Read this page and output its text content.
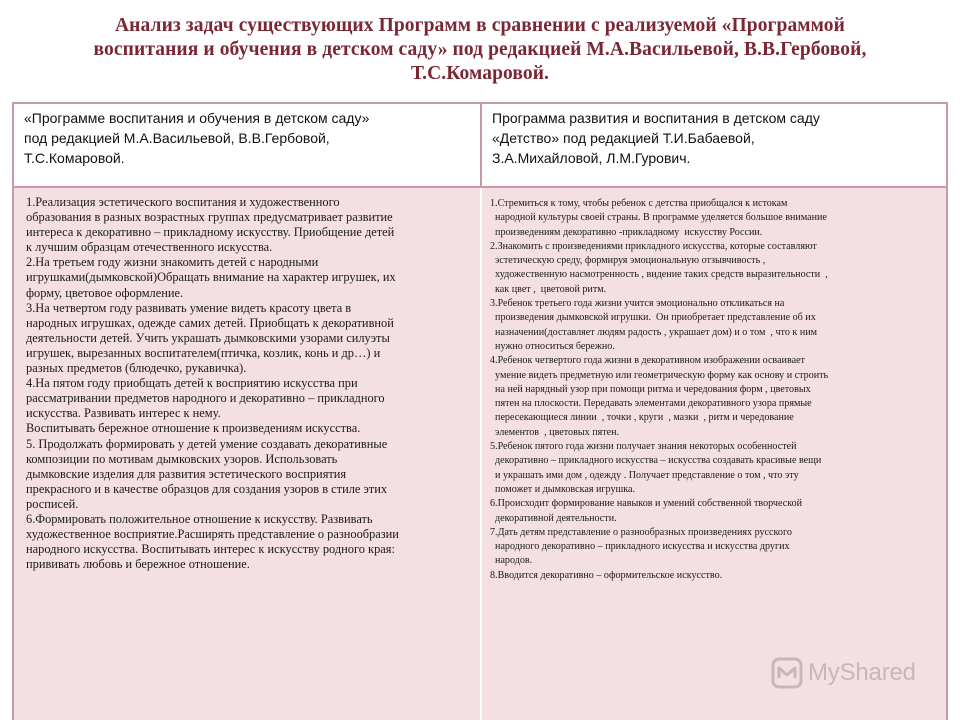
Анализ задач существующих Программ в сравнении с реализуемой «Программой
воспитания и обучения в детском саду» под редакцией М.А.Васильевой, В.В.Гербовой,
Т.С.Комаровой.
«Программе воспитания и обучения в детском саду»
под редакцией М.А.Васильевой, В.В.Гербовой,
Т.С.Комаровой.
Программа развития и воспитания в детском саду
«Детство» под редакцией Т.И.Бабаевой,
З.А.Михайловой, Л.М.Гурович.
1.Реализация эстетического воспитания и художественного
образования в разных возрастных группах предусматривает развитие
интереса к декоративно – прикладному искусству. Приобщение детей
к лучшим образцам отечественного искусства.
2.На третьем году жизни знакомить детей с народными
игрушками(дымковской)Обращать внимание на характер игрушек, их
форму, цветовое оформление.
3.На четвертом году развивать умение видеть красоту цвета в
народных игрушках, одежде самих детей. Приобщать к декоративной
деятельности детей. Учить украшать дымковскими узорами силуэты
игрушек, вырезанных воспитателем(птичка, козлик, конь и др…) и
разных предметов (блюдечко, рукавичка).
4.На пятом году приобщать детей к восприятию искусства при
рассматривании предметов народного и декоративно – прикладного
искусства. Развивать интерес к нему.
Воспитывать бережное отношение к произведениям искусства.
5. Продолжать формировать у детей умение создавать декоративные
композиции по мотивам дымковских узоров. Использовать
дымковские изделия для развития эстетического восприятия
прекрасного и в качестве образцов для создания узоров в стиле этих
росписей.
6.Формировать положительное отношение к искусству. Развивать
художественное восприятие.Расширять представление о разнообразии
народного искусства. Воспитывать интерес к искусству родного края:
прививать любовь и бережное отношение.
1.Стремиться к тому, чтобы ребенок с детства приобщался к истокам
народной культуры своей страны. В программе уделяется большое внимание
произведениям декоративно -прикладному  искусству России.
2.Знакомить с произведениями прикладного искусства, которые составляют
эстетическую среду, формируя эмоциональную отзывчивость ,
художественную насмотренность , видение таких средств выразительности  ,
как цвет ,  цветовой ритм.
3.Ребенок третьего года жизни учится эмоционально откликаться на
произведения дымковской игрушки.  Он приобретает представление об их
назначении(доставляет людям радость , украшает дом) и о том  , что к ним
нужно относиться бережно.
4.Ребенок четвертого года жизни в декоративном изображении осваивает
умение видеть предметную или геометрическую форму как основу и строить
на ней нарядный узор при помощи ритма и чередования форм , цветовых
пятен на плоскости. Передавать элементами декоративного узора прямые
пересекающиеся линии  , точки , круги  , мазки  , ритм и чередование
элементов  , цветовых пятен.
5.Ребенок пятого года жизни получает знания некоторых особенностей
декоративно – прикладного искусства – искусства создавать красивые вещи
и украшать ими дом , одежду . Получает представление о том , что эту
поможет и дымковская игрушка.
6.Происходит формирование навыков и умений собственной творческой
декоративной деятельности.
7.Дать детям представление о разнообразных произведениях русского
народного декоративно – прикладного искусства и искусства других
народов.
8.Вводится декоративно – оформительское искусство.
MyShared
